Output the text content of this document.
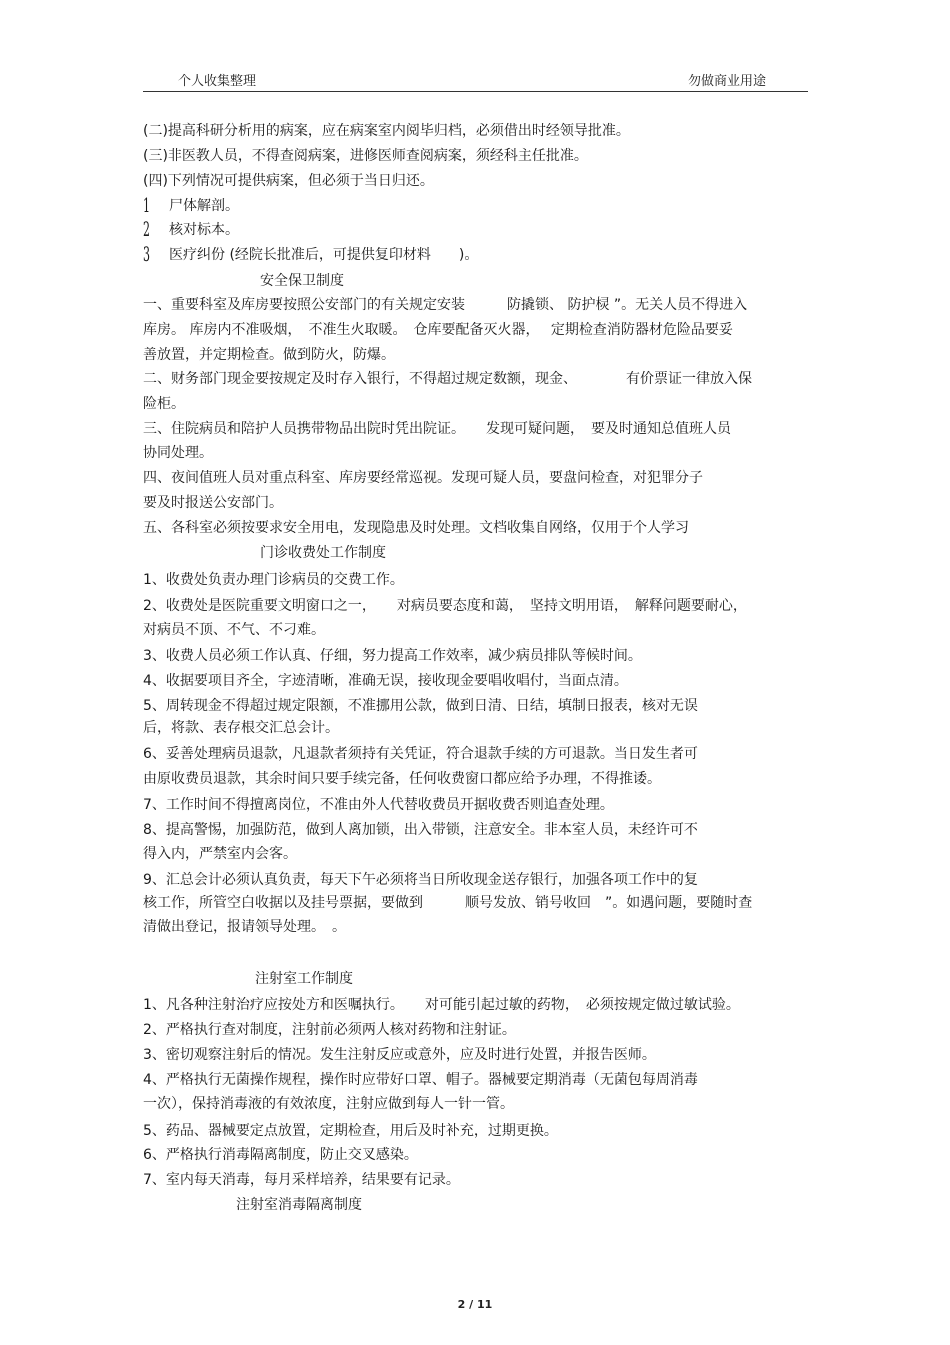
个人收集整理	勿做商业用途
(二)提高科研分析用的病案，应在病案室内阅毕归档，必须借出时经领导批准。
(三)非医教人员，不得查阅病案，进修医师查阅病案，须经科主任批准。
(四)下列情况可提供病案，但必须于当日归还。
1 尸体解剖。
2 核对标本。
3 医疗纠份 (经院长批准后，可提供复印材料　　)。
安全保卫制度
一、重要科室及库房要按照公安部门的有关规定安装　　　防撬锁、 防护棂 ”。无关人员不得进入
库房。 库房内不准吸烟，　不准生火取暖。　仓库要配备灭火器，　 定期检查消防器材危险品要妥
善放置，并定期检查。做到防火，防爆。
二、财务部门现金要按规定及时存入银行，不得超过规定数额，现金、　　　　有价票证一律放入保
险柜。
三、住院病员和陪护人员携带物品出院时凭出院证。　　发现可疑问题，　要及时通知总值班人员
协同处理。
四、夜间值班人员对重点科室、库房要经常巡视。发现可疑人员，要盘问检查，对犯罪分子
要及时报送公安部门。
五、各科室必须按要求安全用电，发现隐患及时处理。文档收集自网络，仅用于个人学习
门诊收费处工作制度
1、收费处负责办理门诊病员的交费工作。
2、收费处是医院重要文明窗口之一，　　对病员要态度和蔼，　坚持文明用语，　解释问题要耐心，
对病员不顶、不气、不刁难。
3、收费人员必须工作认真、仔细，努力提高工作效率，减少病员排队等候时间。
4、收据要项目齐全，字迹清晰，准确无误，接收现金要唱收唱付，当面点清。
5、周转现金不得超过规定限额，不准挪用公款，做到日清、日结，填制日报表，核对无误
后，将款、表存根交汇总会计。
6、妥善处理病员退款，凡退款者须持有关凭证，符合退款手续的方可退款。当日发生者可
由原收费员退款，其余时间只要手续完备，任何收费窗口都应给予办理，不得推诿。
7、工作时间不得擅离岗位，不准由外人代替收费员开据收费否则追查处理。
8、提高警惕，加强防范，做到人离加锁，出入带锁，注意安全。非本室人员，未经许可不
得入内，严禁室内会客。
9、汇总会计必须认真负责，每天下午必须将当日所收现金送存银行，加强各项工作中的复
核工作，所管空白收据以及挂号票据，要做到　　　顺号发放、销号收回　”。如遇问题，要随时查
清做出登记，报请领导处理。　。
注射室工作制度
1、凡各种注射治疗应按处方和医嘱执行。　　对可能引起过敏的药物，　必须按规定做过敏试验。
2、严格执行查对制度，注射前必须两人核对药物和注射证。
3、密切观察注射后的情况。发生注射反应或意外，应及时进行处置，并报告医师。
4、严格执行无菌操作规程，操作时应带好口罩、帽子。器械要定期消毒（无菌包每周消毒
一次），保持消毒液的有效浓度，注射应做到每人一针一管。
5、药品、器械要定点放置，定期检查，用后及时补充，过期更换。
6、严格执行消毒隔离制度，防止交叉感染。
7、室内每天消毒，每月采样培养，结果要有记录。
注射室消毒隔离制度
2 / 11
